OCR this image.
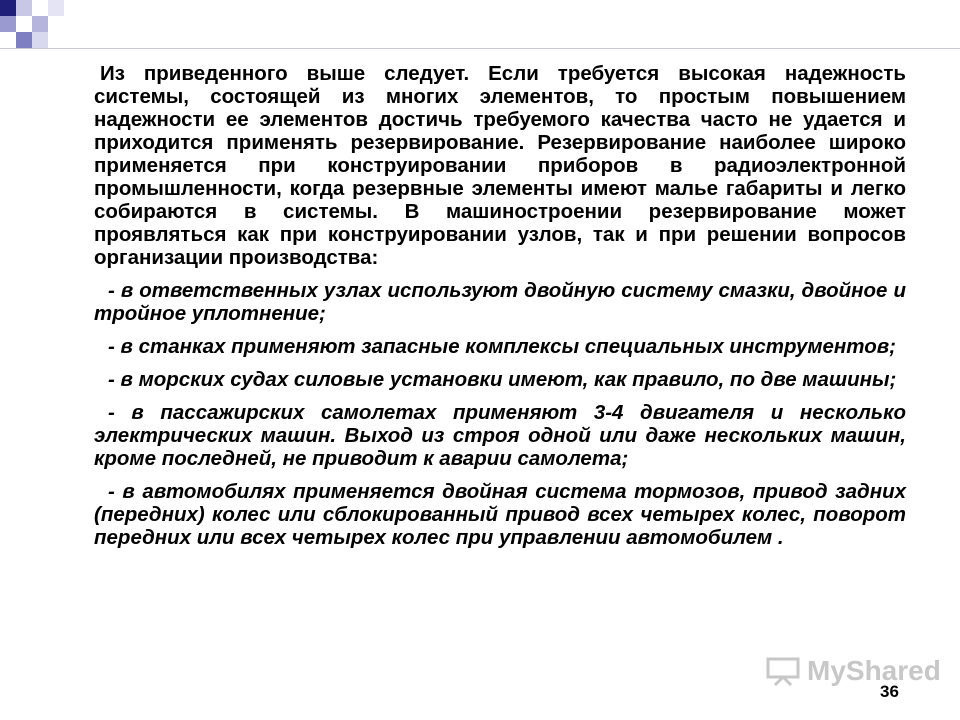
Из приведенного выше следует. Если требуется высокая надежность системы, состоящей из многих элементов, то простым повышением надежности ее элементов достичь требуемого качества часто не удается и приходится применять резервирование. Резервирование наиболее широко применяется при конструировании приборов в радиоэлектронной промышленности, когда резервные элементы имеют малье габариты и легко собираются в системы. В машиностроении резервирование может проявляться как при конструировании узлов, так и при решении вопросов организации производства:

- в ответственных узлах используют двойную систему смазки, двойное и тройное уплотнение;

- в станках применяют запасные комплексы специальных инструментов;

- в морских судах силовые установки имеют, как правило, по две машины;

- в пассажирских самолетах применяют 3-4 двигателя и несколько электрических машин. Выход из строя одной или даже нескольких машин, кроме последней, не приводит к аварии самолета;

- в автомобилях применяется двойная система тормозов, привод задних (передних) колес или сблокированный привод всех четырех колес, поворот передних или всех четырех колес при управлении автомобилем .

MyShared
36
